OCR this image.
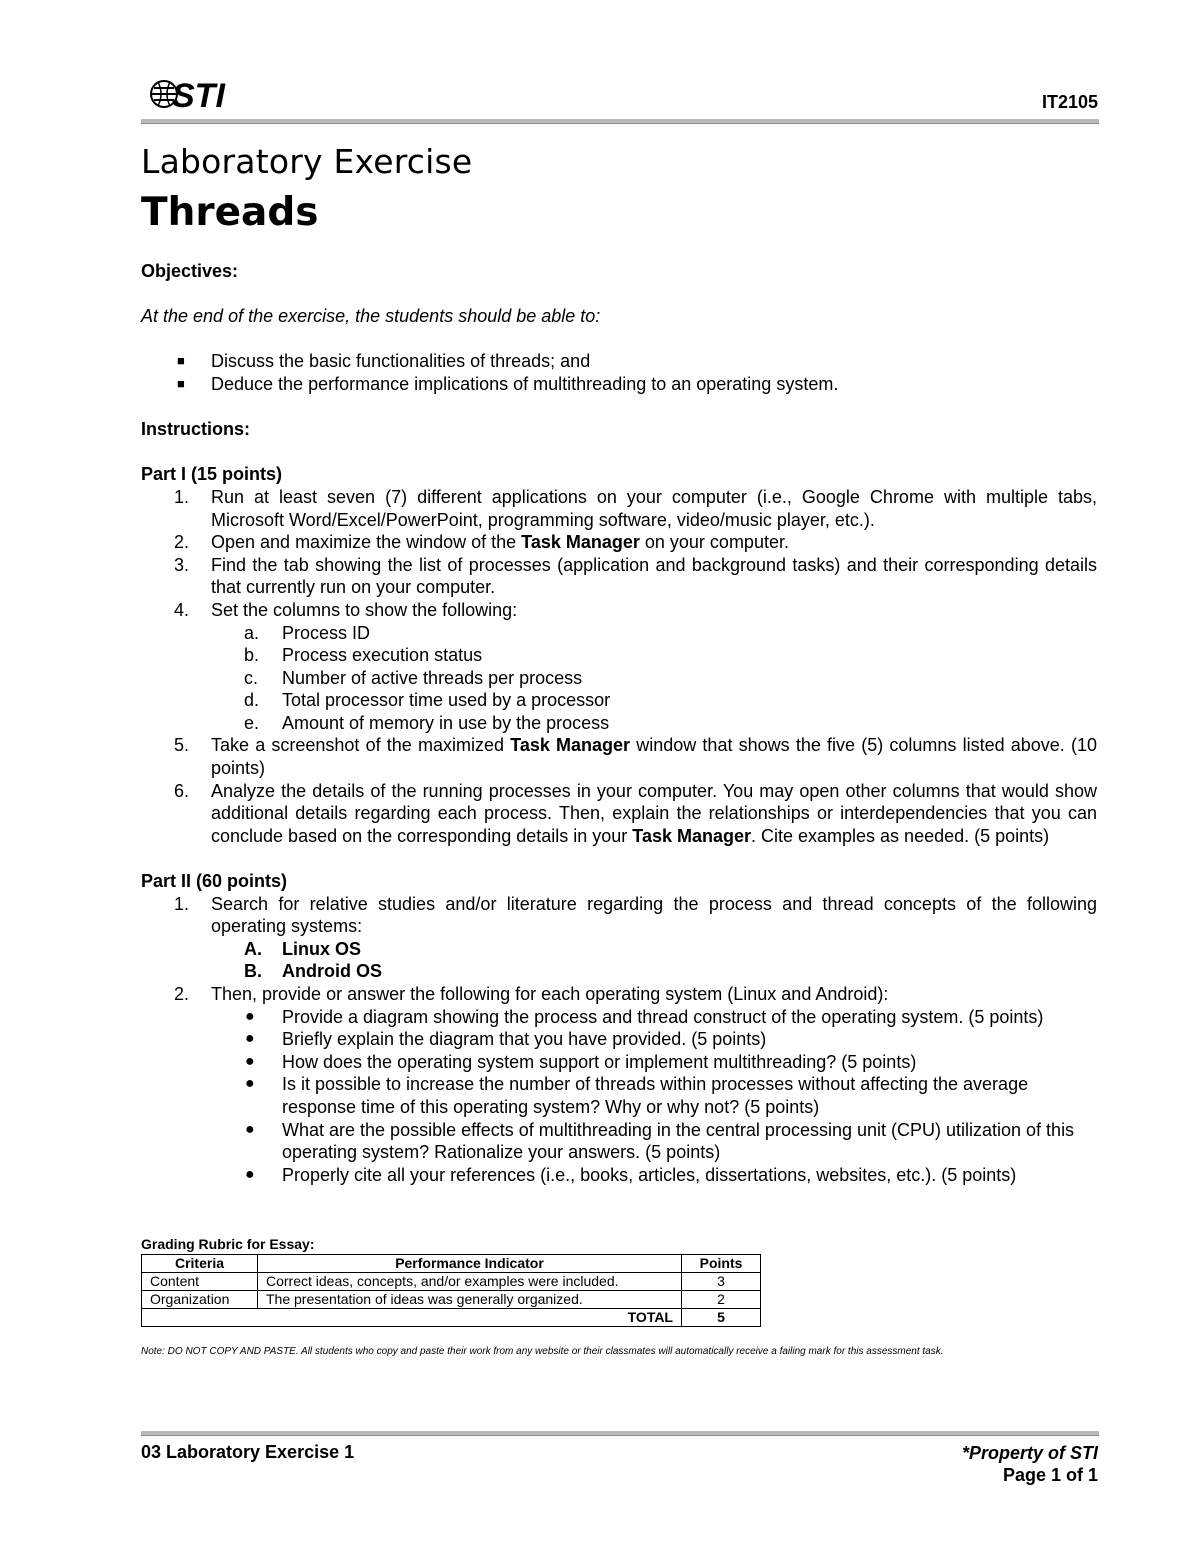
STI	IT2105
Laboratory Exercise
Threads
Objectives:
At the end of the exercise, the students should be able to:
■ Discuss the basic functionalities of threads; and
■ Deduce the performance implications of multithreading to an operating system.
Instructions:
Part I (15 points)
1. Run at least seven (7) different applications on your computer (i.e., Google Chrome with multiple tabs, Microsoft Word/Excel/PowerPoint, programming software, video/music player, etc.).
2. Open and maximize the window of the Task Manager on your computer.
3. Find the tab showing the list of processes (application and background tasks) and their corresponding details that currently run on your computer.
4. Set the columns to show the following:
a. Process ID
b. Process execution status
c. Number of active threads per process
d. Total processor time used by a processor
e. Amount of memory in use by the process
5. Take a screenshot of the maximized Task Manager window that shows the five (5) columns listed above. (10 points)
6. Analyze the details of the running processes in your computer. You may open other columns that would show additional details regarding each process. Then, explain the relationships or interdependencies that you can conclude based on the corresponding details in your Task Manager. Cite examples as needed. (5 points)
Part II (60 points)
1. Search for relative studies and/or literature regarding the process and thread concepts of the following operating systems:
A. Linux OS
B. Android OS
2. Then, provide or answer the following for each operating system (Linux and Android):
● Provide a diagram showing the process and thread construct of the operating system. (5 points)
● Briefly explain the diagram that you have provided. (5 points)
● How does the operating system support or implement multithreading? (5 points)
● Is it possible to increase the number of threads within processes without affecting the average response time of this operating system? Why or why not? (5 points)
● What are the possible effects of multithreading in the central processing unit (CPU) utilization of this operating system? Rationalize your answers. (5 points)
● Properly cite all your references (i.e., books, articles, dissertations, websites, etc.). (5 points)
Grading Rubric for Essay:
Criteria	Performance Indicator	Points
Content	Correct ideas, concepts, and/or examples were included.	3
Organization	The presentation of ideas was generally organized.	2
TOTAL		5
Note: DO NOT COPY AND PASTE. All students who copy and paste their work from any website or their classmates will automatically receive a failing mark for this assessment task.
03 Laboratory Exercise 1	*Property of STI
Page 1 of 1
